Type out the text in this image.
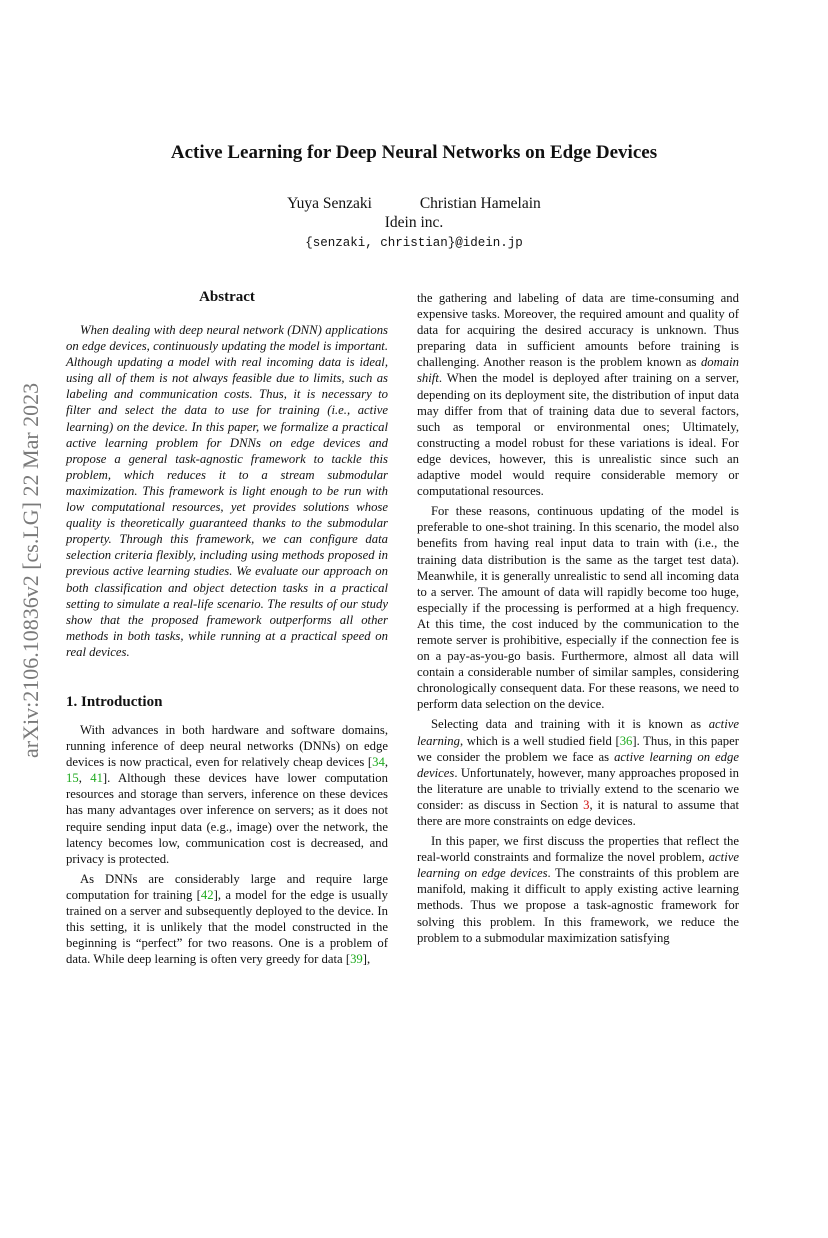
Active Learning for Deep Neural Networks on Edge Devices
Yuya Senzaki	Christian Hamelain
Idein inc.
{senzaki, christian}@idein.jp
arXiv:2106.10836v2 [cs.LG] 22 Mar 2023
Abstract

When dealing with deep neural network (DNN) applications on edge devices, continuously updating the model is important. Although updating a model with real incoming data is ideal, using all of them is not always feasible due to limits, such as labeling and communication costs. Thus, it is necessary to filter and select the data to use for training (i.e., active learning) on the device. In this paper, we formalize a practical active learning problem for DNNs on edge devices and propose a general task-agnostic framework to tackle this problem, which reduces it to a stream submodular maximization. This framework is light enough to be run with low computational resources, yet provides solutions whose quality is theoretically guaranteed thanks to the submodular property. Through this framework, we can configure data selection criteria flexibly, including using methods proposed in previous active learning studies. We evaluate our approach on both classification and object detection tasks in a practical setting to simulate a real-life scenario. The results of our study show that the proposed framework outperforms all other methods in both tasks, while running at a practical speed on real devices.

1. Introduction

With advances in both hardware and software domains, running inference of deep neural networks (DNNs) on edge devices is now practical, even for relatively cheap devices [34, 15, 41]. Although these devices have lower computation resources and storage than servers, inference on these devices has many advantages over inference on servers; as it does not require sending input data (e.g., image) over the network, the latency becomes low, communication cost is decreased, and privacy is protected.

As DNNs are considerably large and require large computation for training [42], a model for the edge is usually trained on a server and subsequently deployed to the device. In this setting, it is unlikely that the model constructed in the beginning is “perfect” for two reasons. One is a problem of data. While deep learning is often very greedy for data [39],

the gathering and labeling of data are time-consuming and expensive tasks. Moreover, the required amount and quality of data for acquiring the desired accuracy is unknown. Thus preparing data in sufficient amounts before training is challenging. Another reason is the problem known as domain shift. When the model is deployed after training on a server, depending on its deployment site, the distribution of input data may differ from that of training data due to several factors, such as temporal or environmental ones; Ultimately, constructing a model robust for these variations is ideal. For edge devices, however, this is unrealistic since such an adaptive model would require considerable memory or computational resources.

For these reasons, continuous updating of the model is preferable to one-shot training. In this scenario, the model also benefits from having real input data to train with (i.e., the training data distribution is the same as the target test data). Meanwhile, it is generally unrealistic to send all incoming data to a server. The amount of data will rapidly become too huge, especially if the processing is performed at a high frequency. At this time, the cost induced by the communication to the remote server is prohibitive, especially if the connection fee is on a pay-as-you-go basis. Furthermore, almost all data will contain a considerable number of similar samples, considering chronologically consequent data. For these reasons, we need to perform data selection on the device.

Selecting data and training with it is known as active learning, which is a well studied field [36]. Thus, in this paper we consider the problem we face as active learning on edge devices. Unfortunately, however, many approaches proposed in the literature are unable to trivially extend to the scenario we consider: as discuss in Section 3, it is natural to assume that there are more constraints on edge devices.

In this paper, we first discuss the properties that reflect the real-world constraints and formalize the novel problem, active learning on edge devices. The constraints of this problem are manifold, making it difficult to apply existing active learning methods. Thus we propose a task-agnostic framework for solving this problem. In this framework, we reduce the problem to a submodular maximization satisfying
